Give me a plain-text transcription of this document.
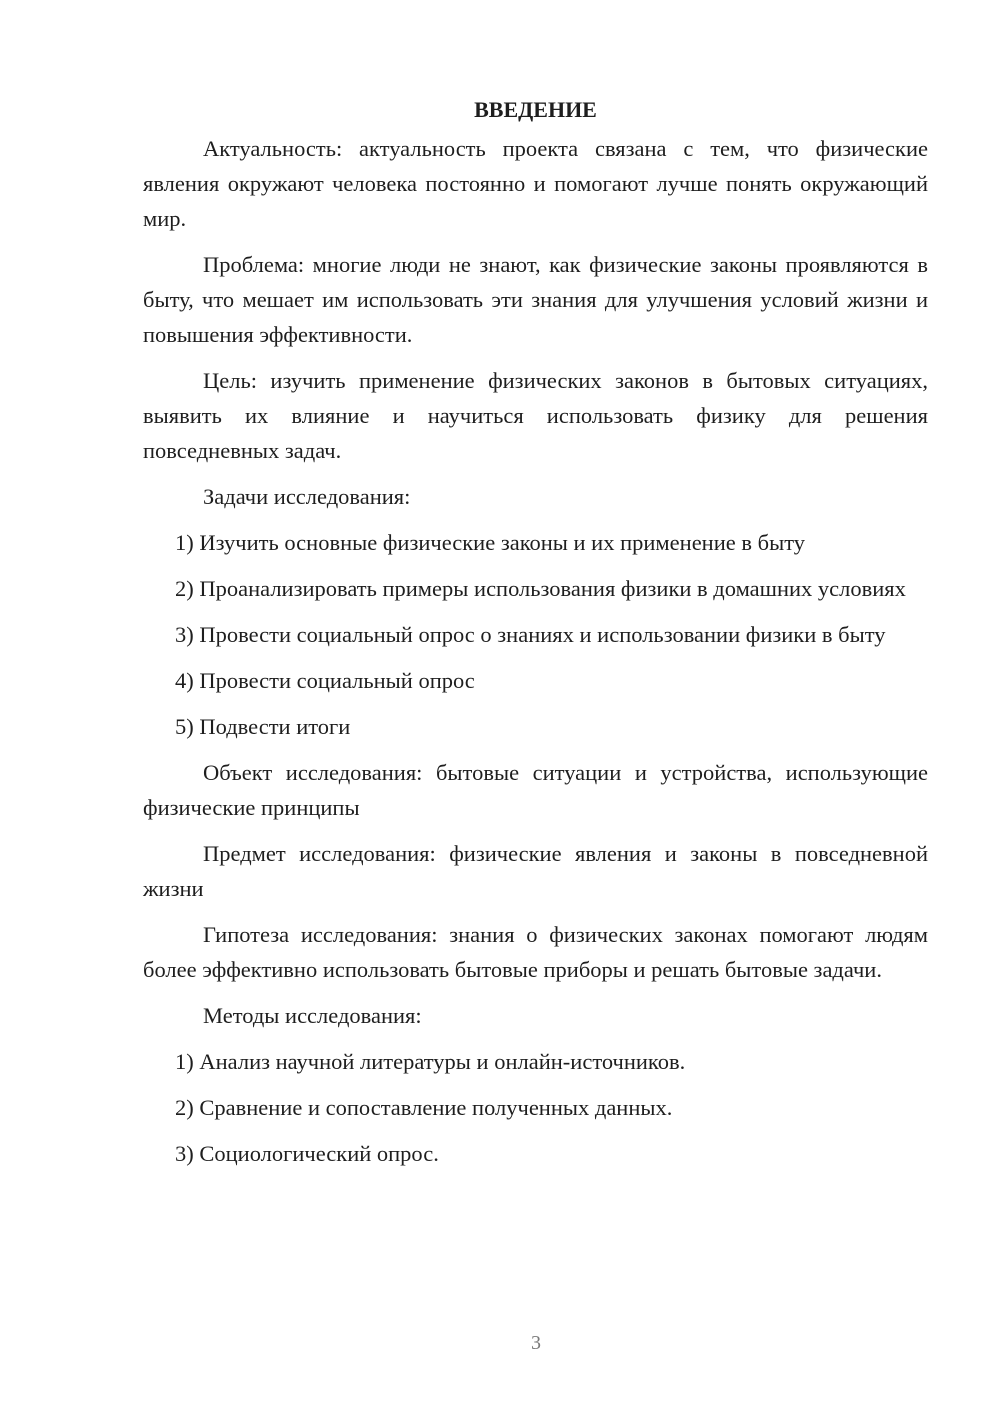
ВВЕДЕНИЕ

Актуальность: актуальность проекта связана с тем, что физические явления окружают человека постоянно и помогают лучше понять окружающий мир.

Проблема: многие люди не знают, как физические законы проявляются в быту, что мешает им использовать эти знания для улучшения условий жизни и повышения эффективности.

Цель: изучить применение физических законов в бытовых ситуациях, выявить их влияние и научиться использовать физику для решения повседневных задач.

Задачи исследования:

1) Изучить основные физические законы и их применение в быту

2) Проанализировать примеры использования физики в домашних условиях

3) Провести социальный опрос о знаниях и использовании физики в быту

4) Провести социальный опрос

5) Подвести итоги

Объект исследования: бытовые ситуации и устройства, использующие физические принципы

Предмет исследования: физические явления и законы в повседневной жизни

Гипотеза исследования: знания о физических законах помогают людям более эффективно использовать бытовые приборы и решать бытовые задачи.

Методы исследования:

1) Анализ научной литературы и онлайн-источников.

2) Сравнение и сопоставление полученных данных.

3) Социологический опрос.

3
